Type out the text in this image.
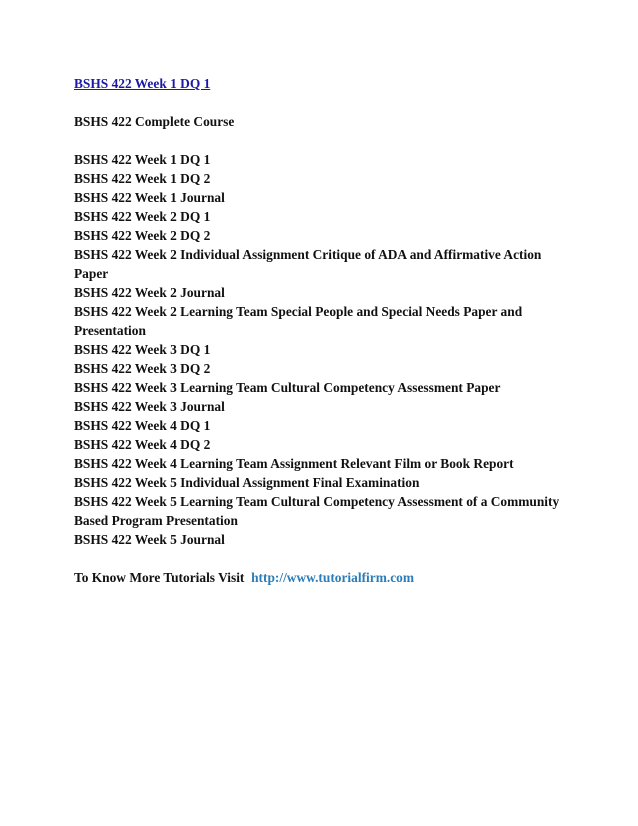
BSHS 422 Week 1 DQ 1

BSHS 422 Complete Course

BSHS 422 Week 1 DQ 1
BSHS 422 Week 1 DQ 2
BSHS 422 Week 1 Journal
BSHS 422 Week 2 DQ 1
BSHS 422 Week 2 DQ 2
BSHS 422 Week 2 Individual Assignment Critique of ADA and Affirmative Action Paper
BSHS 422 Week 2 Journal
BSHS 422 Week 2 Learning Team Special People and Special Needs Paper and Presentation
BSHS 422 Week 3 DQ 1
BSHS 422 Week 3 DQ 2
BSHS 422 Week 3 Learning Team Cultural Competency Assessment Paper
BSHS 422 Week 3 Journal
BSHS 422 Week 4 DQ 1
BSHS 422 Week 4 DQ 2
BSHS 422 Week 4 Learning Team Assignment Relevant Film or Book Report
BSHS 422 Week 5 Individual Assignment Final Examination
BSHS 422 Week 5 Learning Team Cultural Competency Assessment of a Community Based Program Presentation
BSHS 422 Week 5 Journal

To Know More Tutorials Visit http://www.tutorialfirm.com
